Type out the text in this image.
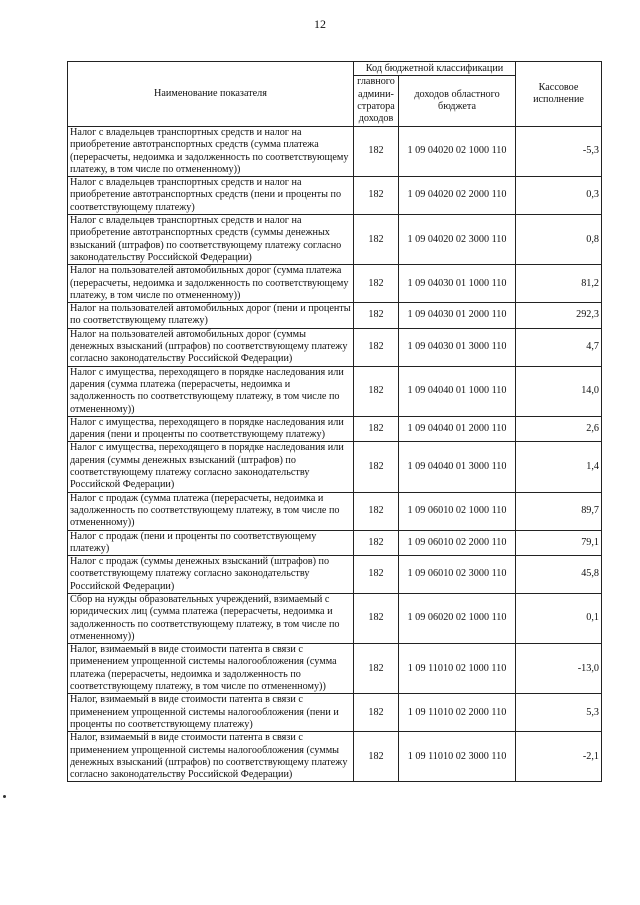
12
Наименование показателя	Код бюджетной классификации		Кассовое исполнение
	главного админи-стратора доходов	доходов областного бюджета	
Налог с владельцев транспортных средств и налог на приобретение автотранспортных средств (сумма платежа (перерасчеты, недоимка и задолженность по соответствующему платежу, в том числе по отмененному))	182	1 09 04020 02 1000 110	-5,3
Налог с владельцев транспортных средств и налог на приобретение автотранспортных средств (пени и проценты по соответствующему платежу)	182	1 09 04020 02 2000 110	0,3
Налог с владельцев транспортных средств и налог на приобретение автотранспортных средств (суммы денежных взысканий (штрафов) по соответствующему платежу согласно законодательству Российской Федерации)	182	1 09 04020 02 3000 110	0,8
Налог на пользователей автомобильных дорог (сумма платежа (перерасчеты, недоимка и задолженность по соответствующему платежу, в том числе по отмененному))	182	1 09 04030 01 1000 110	81,2
Налог на пользователей автомобильных дорог (пени и проценты по соответствующему платежу)	182	1 09 04030 01 2000 110	292,3
Налог на пользователей автомобильных дорог (суммы денежных взысканий (штрафов) по соответствующему платежу согласно законодательству Российской Федерации)	182	1 09 04030 01 3000 110	4,7
Налог с имущества, переходящего в порядке наследования или дарения (сумма платежа (перерасчеты, недоимка и задолженность по соответствующему платежу, в том числе по отмененному))	182	1 09 04040 01 1000 110	14,0
Налог с имущества, переходящего в порядке наследования или дарения (пени и проценты по соответствующему платежу)	182	1 09 04040 01 2000 110	2,6
Налог с имущества, переходящего в порядке наследования или дарения (суммы денежных взысканий (штрафов) по соответствующему платежу согласно законодательству Российской Федерации)	182	1 09 04040 01 3000 110	1,4
Налог с продаж (сумма платежа (перерасчеты, недоимка и задолженность по соответствующему платежу, в том числе по отмененному))	182	1 09 06010 02 1000 110	89,7
Налог с продаж (пени и проценты по соответствующему платежу)	182	1 09 06010 02 2000 110	79,1
Налог с продаж (суммы денежных взысканий (штрафов) по соответствующему платежу согласно законодательству Российской Федерации)	182	1 09 06010 02 3000 110	45,8
Сбор на нужды образовательных учреждений, взимаемый с юридических лиц (сумма платежа (перерасчеты, недоимка и задолженность по соответствующему платежу, в том числе по отмененному))	182	1 09 06020 02 1000 110	0,1
Налог, взимаемый в виде стоимости патента в связи с применением упрощенной системы налогообложения (сумма платежа (перерасчеты, недоимка и задолженность по соответствующему платежу, в том числе по отмененному))	182	1 09 11010 02 1000 110	-13,0
Налог, взимаемый в виде стоимости патента в связи с применением упрощенной системы налогообложения (пени и проценты по соответствующему платежу)	182	1 09 11010 02 2000 110	5,3
Налог, взимаемый в виде стоимости патента в связи с применением упрощенной системы налогообложения (суммы денежных взысканий (штрафов) по соответствующему платежу согласно законодательству Российской Федерации)	182	1 09 11010 02 3000 110	-2,1
